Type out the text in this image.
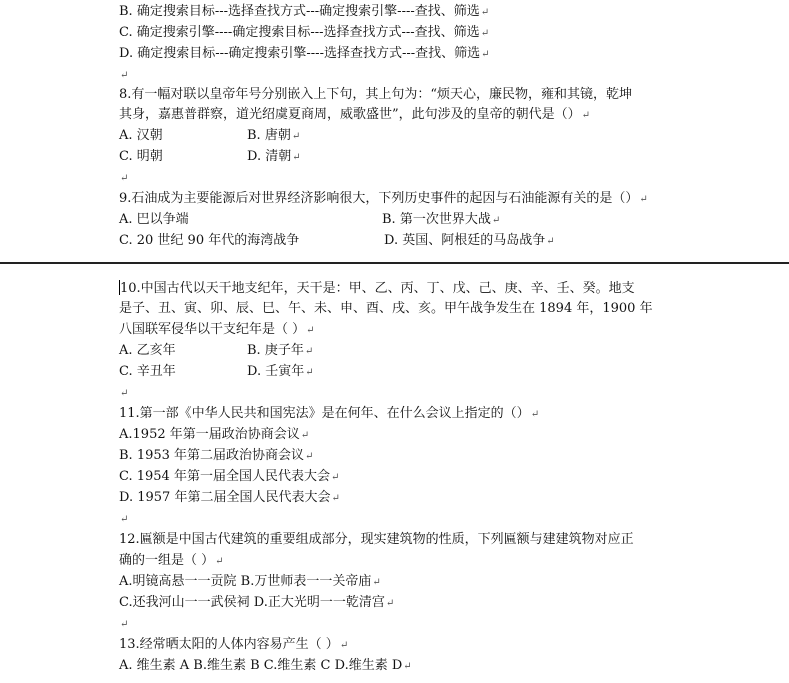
B. 确定搜索目标---选择查找方式---确定搜索引擎----查找、筛选↵
C. 确定搜索引擎----确定搜索目标---选择查找方式---查找、筛选↵
D. 确定搜索目标---确定搜索引擎----选择查找方式---查找、筛选↵
↵
8.有一幅对联以皇帝年号分别嵌入上下句，其上句为：“烦天心，廉民物，雍和其镜，乾坤
其身，嘉惠普群察，道光绍虞夏商周，威歌盛世”，此句涉及的皇帝的朝代是（）↵
A. 汉朝	B. 唐朝↵
C. 明朝	D. 清朝↵
↵
9.石油成为主要能源后对世界经济影响很大，下列历史事件的起因与石油能源有关的是（）↵
A. 巴以争端	B. 第一次世界大战↵
C. 20 世纪 90 年代的海湾战争	D. 英国、阿根廷的马岛战争↵
10.中国古代以天干地支纪年，天干是：甲、乙、丙、丁、戊、己、庚、辛、壬、癸。地支
是子、丑、寅、卯、辰、巳、午、未、申、酉、戌、亥。甲午战争发生在 1894 年，1900 年
八国联军侵华以干支纪年是（ ）↵
A. 乙亥年	B. 庚子年↵
C. 辛丑年	D. 壬寅年↵
↵
11.第一部《中华人民共和国宪法》是在何年、在什么会议上指定的（）↵
A.1952 年第一届政治协商会议↵
B. 1953 年第二届政治协商会议↵
C. 1954 年第一届全国人民代表大会↵
D. 1957 年第二届全国人民代表大会↵
↵
12.匾额是中国古代建筑的重要组成部分，现实建筑物的性质，下列匾额与建建筑物对应正
确的一组是（ ）↵
A.明镜高悬一一贡院 B.万世师表一一关帝庙↵
C.还我河山一一武侯祠 D.正大光明一一乾清宫↵
↵
13.经常晒太阳的人体内容易产生（ ）↵
A. 维生素 A B.维生素 B C.维生素 C D.维生素 D↵
